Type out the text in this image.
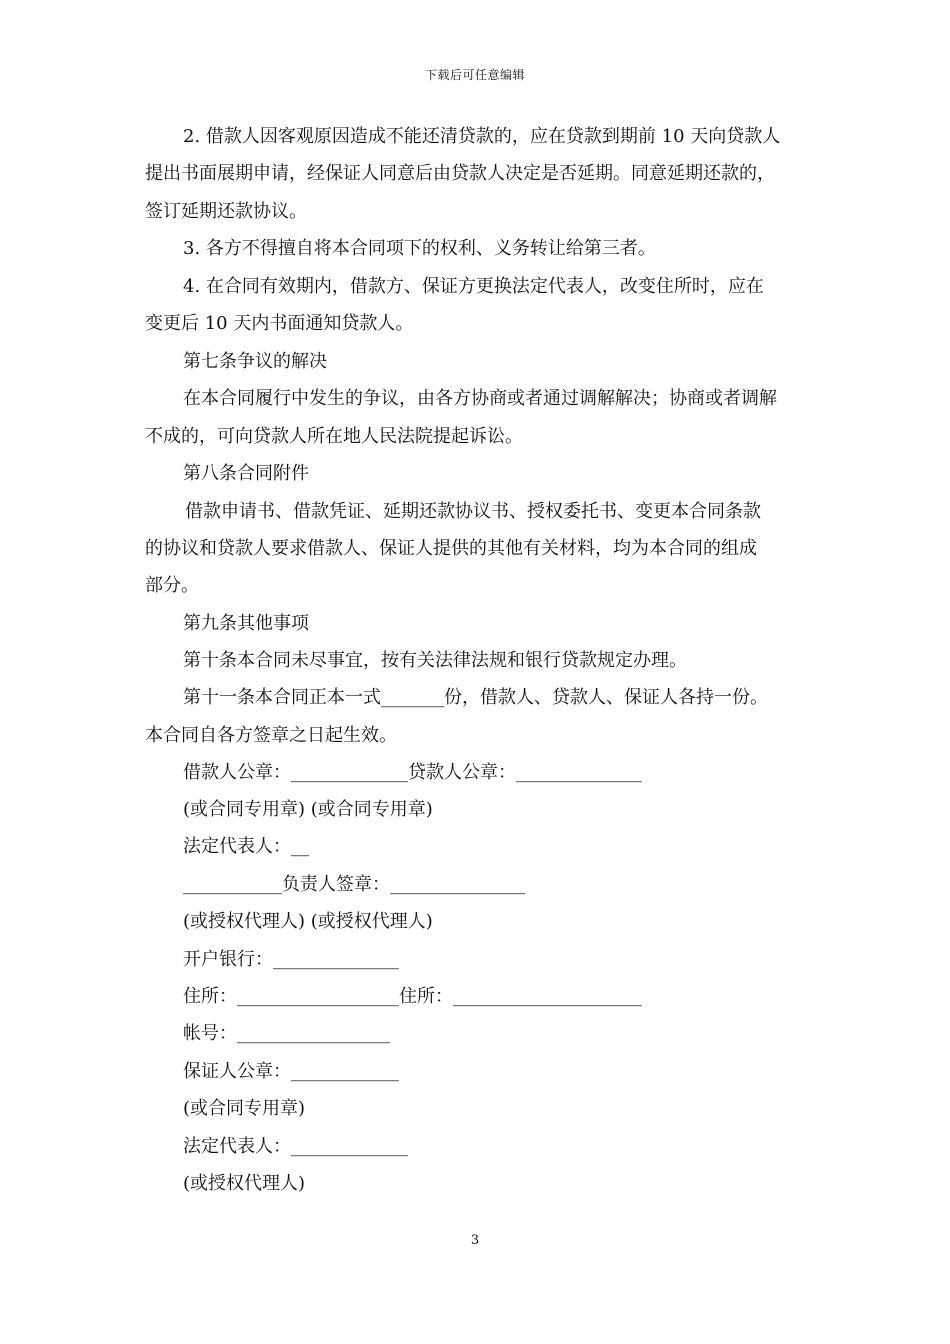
下载后可任意编辑
2. 借款人因客观原因造成不能还清贷款的，应在贷款到期前 10 天向贷款人
提出书面展期申请，经保证人同意后由贷款人决定是否延期。同意延期还款的，
签订延期还款协议。
3. 各方不得擅自将本合同项下的权利、义务转让给第三者。
4. 在合同有效期内，借款方、保证方更换法定代表人，改变住所时，应在
变更后 10 天内书面通知贷款人。
第七条争议的解决
在本合同履行中发生的争议，由各方协商或者通过调解解决；协商或者调解
不成的，可向贷款人所在地人民法院提起诉讼。
第八条合同附件
借款申请书、借款凭证、延期还款协议书、授权委托书、变更本合同条款
的协议和贷款人要求借款人、保证人提供的其他有关材料，均为本合同的组成
部分。
第九条其他事项
第十条本合同未尽事宜，按有关法律法规和银行贷款规定办理。
第十一条本合同正本一式_______份，借款人、贷款人、保证人各持一份。
本合同自各方签章之日起生效。
借款人公章：_____________贷款人公章：______________
(或合同专用章) (或合同专用章)
法定代表人：__
___________负责人签章：_______________
(或授权代理人) (或授权代理人)
开户银行：______________
住所：__________________住所：_____________________
帐号：_________________
保证人公章：____________
(或合同专用章)
法定代表人：_____________
(或授权代理人)
3
